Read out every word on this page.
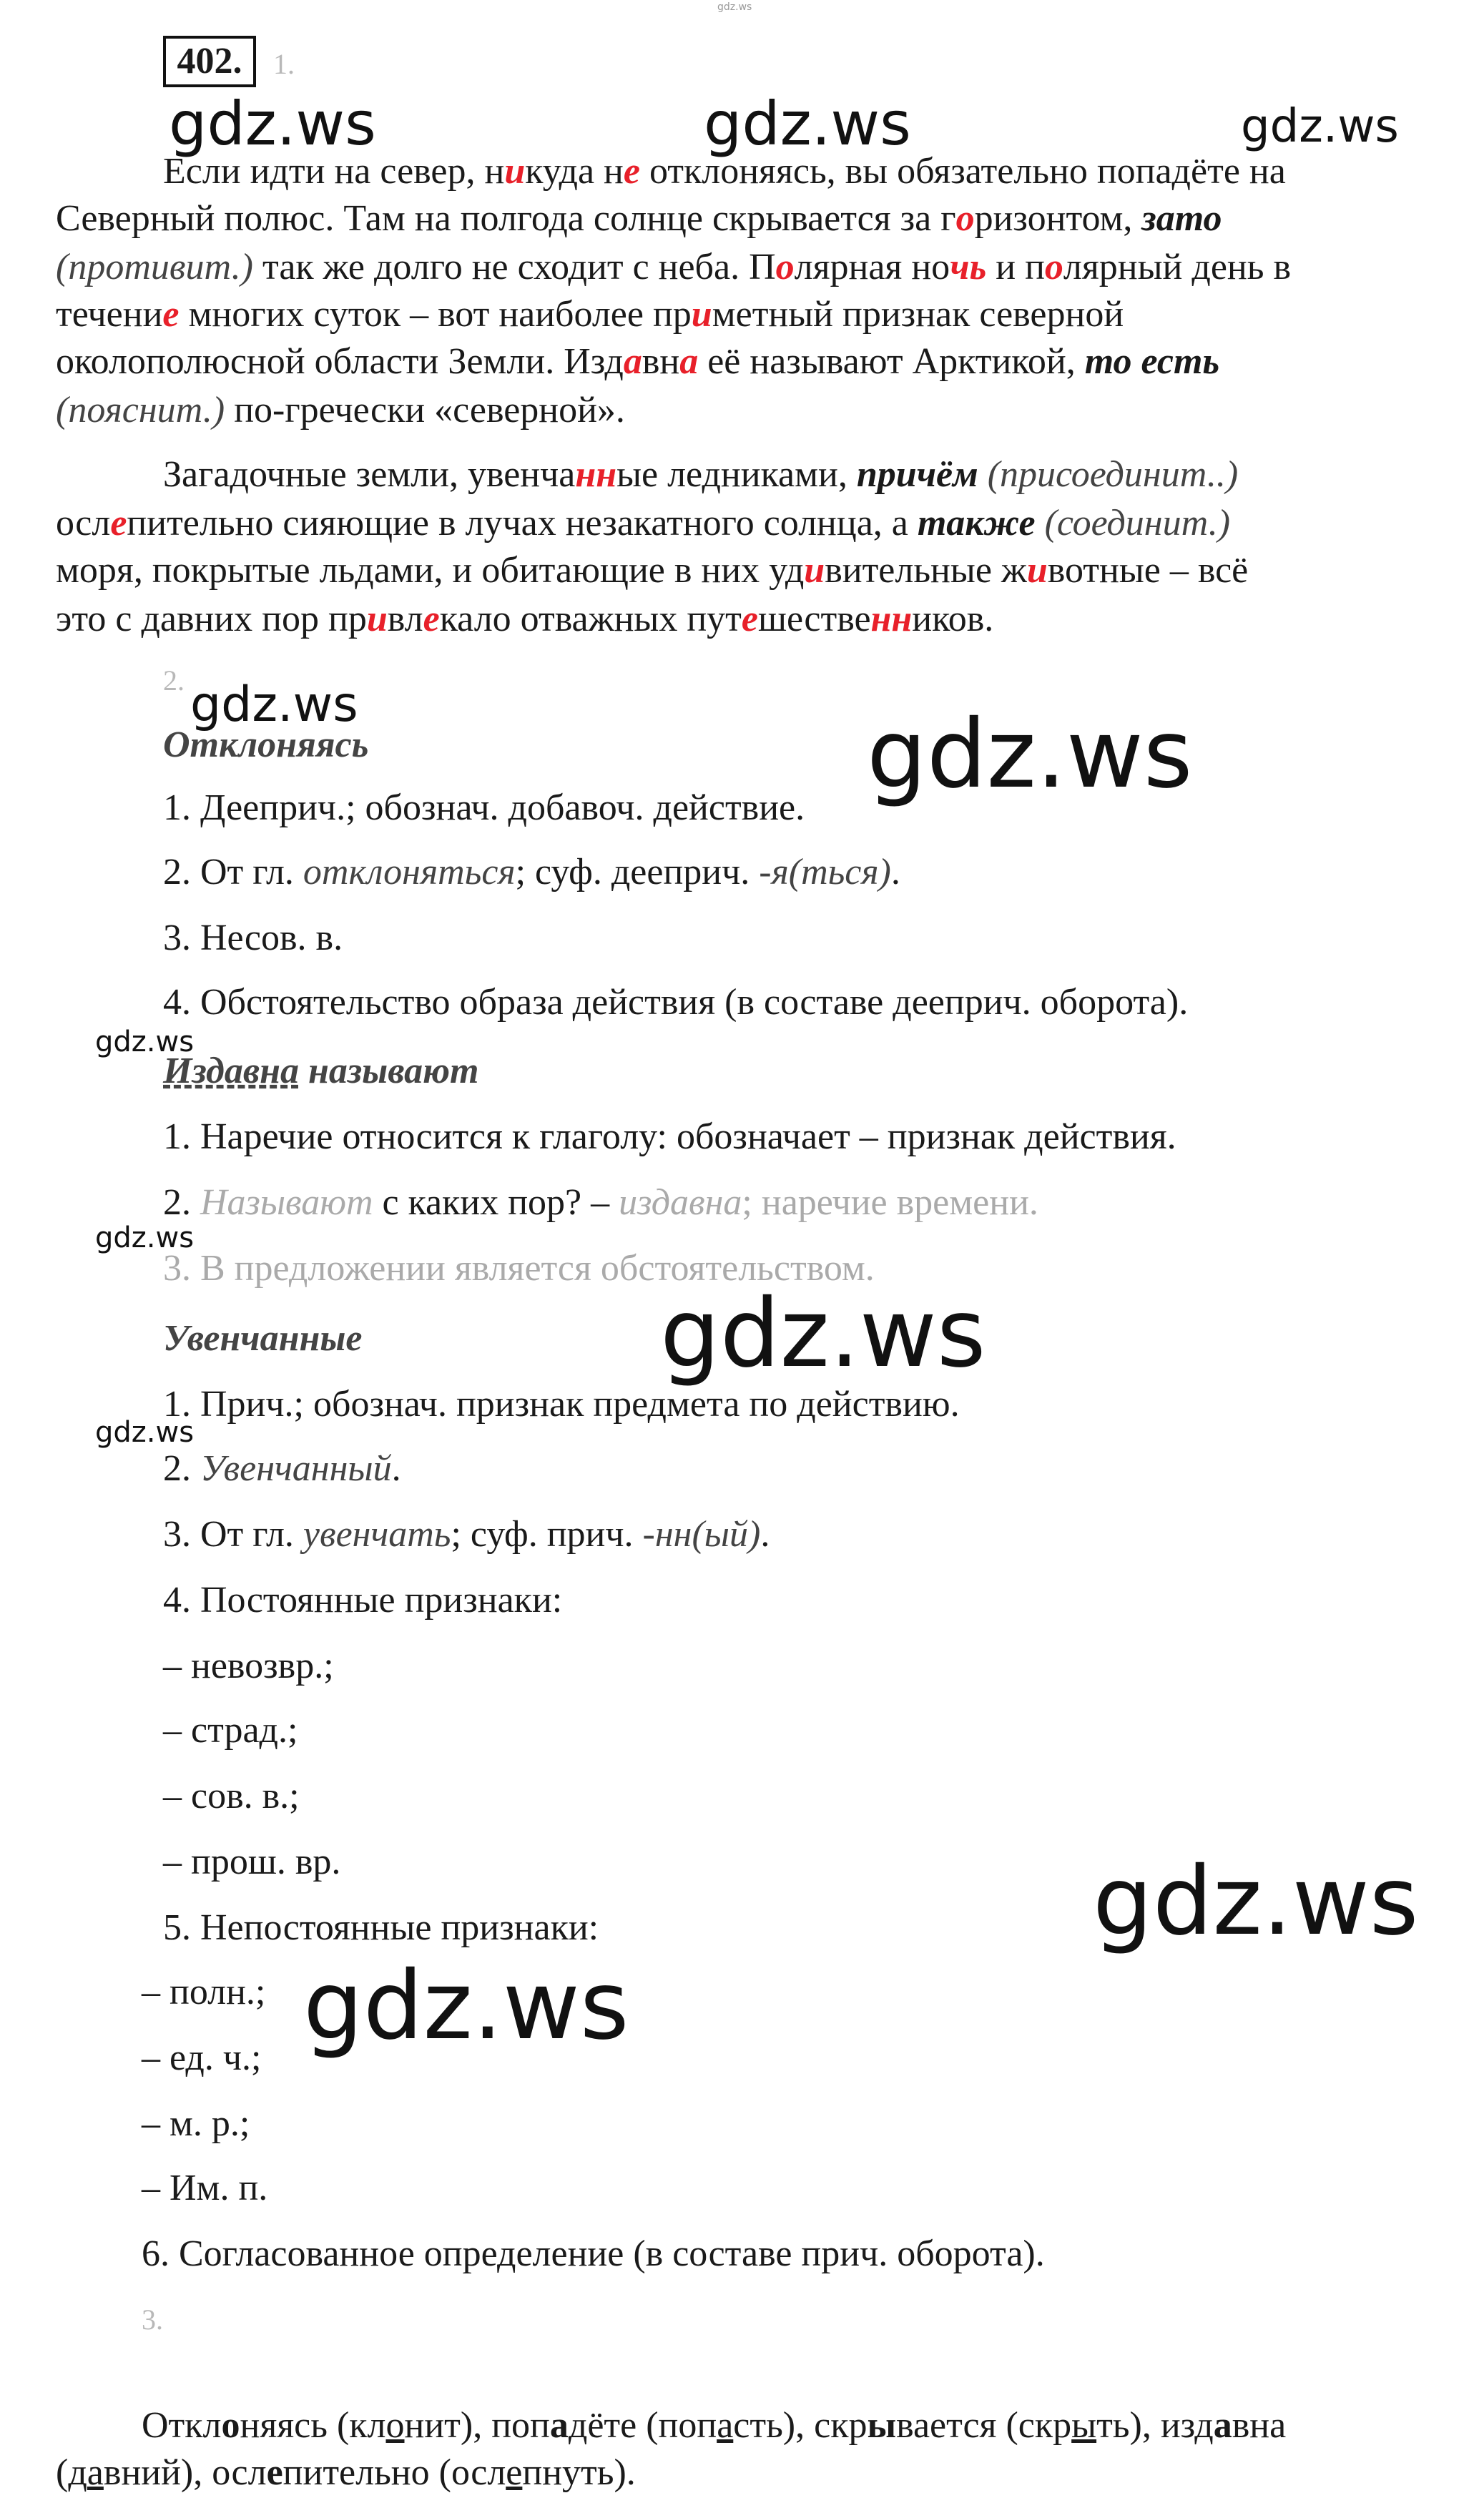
gdz.ws
402.	1.
gdz.ws	gdz.ws	gdz.ws
gdz.ws	gdz.ws
gdz.ws
gdz.ws
gdz.ws
gdz.ws
gdz.ws
gdz.ws
Если идти на север, никуда не отклоняясь, вы обязательно попадёте на
Северный полюс. Там на полгода солнце скрывается за горизонтом, зато
(противит.) так же долго не сходит с неба. Полярная ночь и полярный день в
течение многих суток – вот наиболее приметный признак северной
околополюсной области Земли. Издавна её называют Арктикой, то есть
(пояснит.) по-гречески «северной».
Загадочные земли, увенчанные ледниками, причём (присоединит..)
ослепительно сияющие в лучах незакатного солнца, а также (соединит.)
моря, покрытые льдами, и обитающие в них удивительные животные – всё
это с давних пор привлекало отважных путешественников.
2.
Отклоняясь
1. Дееприч.; обознач. добавоч. действие.
2. От гл. отклоняться; суф. дееприч. -я(ться).
3. Несов. в.
4. Обстоятельство образа действия (в составе дееприч. оборота).
Издавна называют
1. Наречие относится к глаголу: обозначает – признак действия.
2. Называют с каких пор? – издавна; наречие времени.
3. В предложении является обстоятельством.
Увенчанные
1. Прич.; обознач. признак предмета по действию.
2. Увенчанный.
3. От гл. увенчать; суф. прич. -нн(ый).
4. Постоянные признаки:
– невозвр.;
– страд.;
– сов. в.;
– прош. вр.
5. Непостоянные признаки:
– полн.;
– ед. ч.;
– м. р.;
– Им. п.
6. Согласованное определение (в составе прич. оборота).
3.
Отклоняясь (клонит), попадёте (попасть), скрывается (скрыть), издавна
(давний), ослепительно (ослепнуть).
